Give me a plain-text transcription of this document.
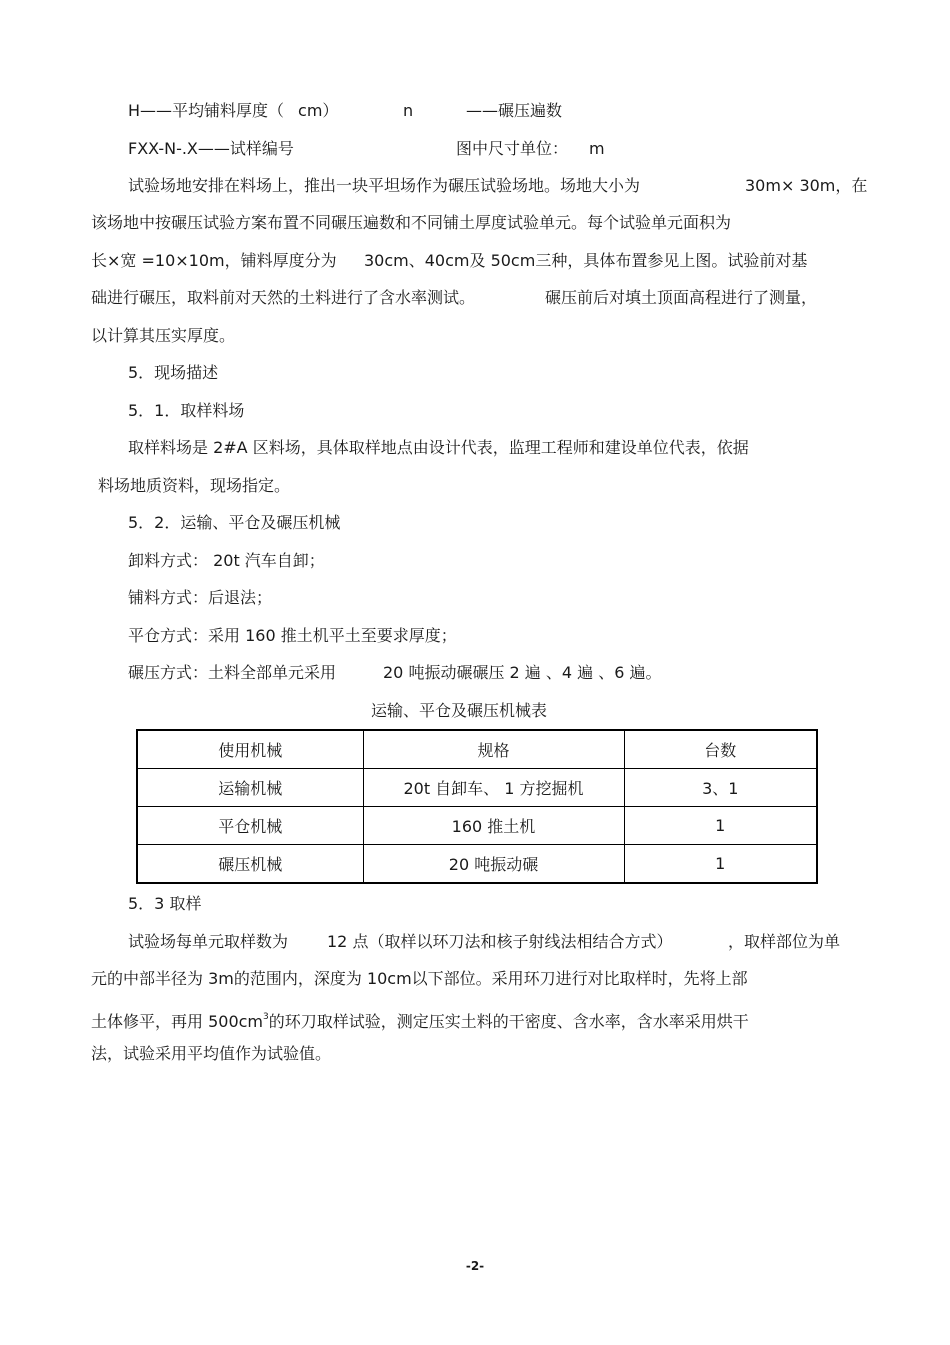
H——平均铺料厚度（ cm）	n	——碾压遍数
FXX-N-.X——试样编号	图中尺寸单位： m
试验场地安排在料场上，推出一块平坦场作为碾压试验场地。场地大小为	30m× 30m，在
该场地中按碾压试验方案布置不同碾压遍数和不同铺土厚度试验单元。每个试验单元面积为
长×宽 =10×10m，铺料厚度分为 30cm、40cm及 50cm三种，具体布置参见上图。试验前对基
础进行碾压，取料前对天然的土料进行了含水率测试。	碾压前后对填土顶面高程进行了测量，
以计算其压实厚度。
5．现场描述
5．1．取样料场
取样料场是 2#A 区料场，具体取样地点由设计代表，监理工程师和建设单位代表，依据
料场地质资料，现场指定。
5．2．运输、平仓及碾压机械
卸料方式： 20t 汽车自卸；
铺料方式：后退法；
平仓方式：采用 160 推土机平土至要求厚度；
碾压方式：土料全部单元采用	20 吨振动碾碾压 2 遍 、4 遍 、6 遍。
运输、平仓及碾压机械表
使用机械	规格	台数
运输机械	20t 自卸车、 1 方挖掘机	3、1
平仓机械	160 推土机	1
碾压机械	20 吨振动碾	1
5．3 取样
试验场每单元取样数为 12 点（取样以环刀法和核子射线法相结合方式）	，取样部位为单
元的中部半径为 3m的范围内，深度为 10cm以下部位。采用环刀进行对比取样时，先将上部
土体修平，再用 $500cm^3$的环刀取样试验，测定压实土料的干密度、含水率，含水率采用烘干
法，试验采用平均值作为试验值。
-2-
